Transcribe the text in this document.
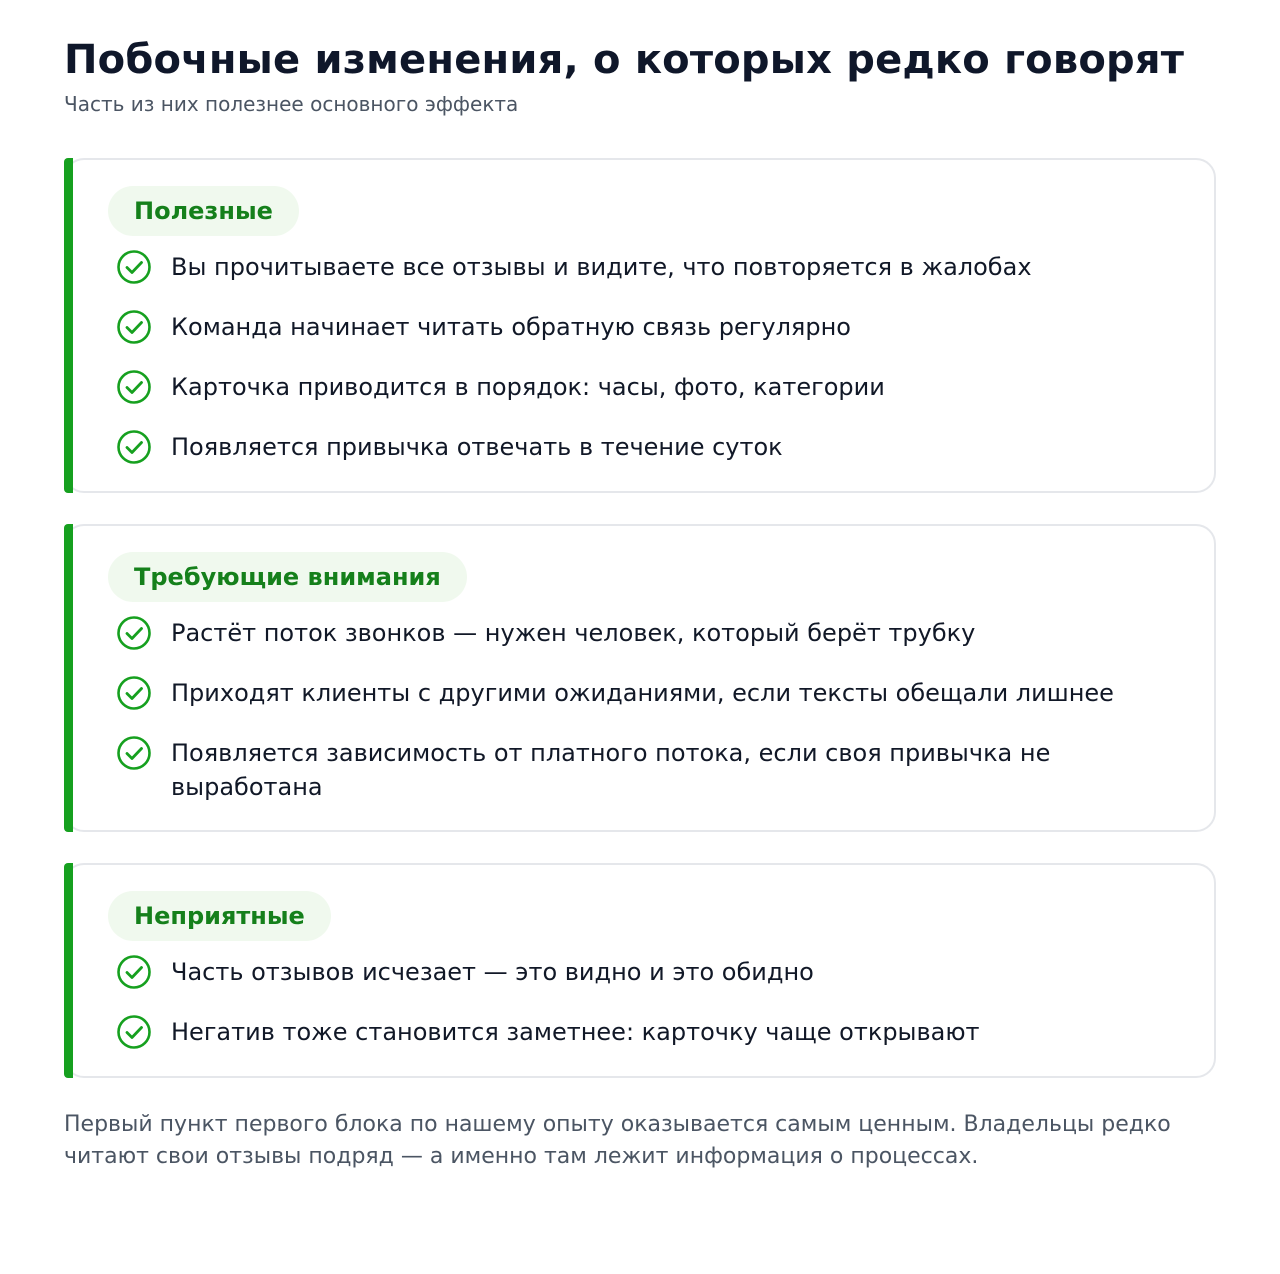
Побочные изменения, о которых редко говорят

Часть из них полезнее основного эффекта

Полезные
Вы прочитываете все отзывы и видите, что повторяется в жалобах
Команда начинает читать обратную связь регулярно
Карточка приводится в порядок: часы, фото, категории
Появляется привычка отвечать в течение суток
Требующие внимания
Растёт поток звонков — нужен человек, который берёт трубку
Приходят клиенты с другими ожиданиями, если тексты обещали лишнее
Появляется зависимость от платного потока, если своя привычка не выработана
Неприятные
Часть отзывов исчезает — это видно и это обидно
Негатив тоже становится заметнее: карточку чаще открывают

Первый пункт первого блока по нашему опыту оказывается самым ценным. Владельцы редко читают свои отзывы подряд — а именно там лежит информация о процессах.
